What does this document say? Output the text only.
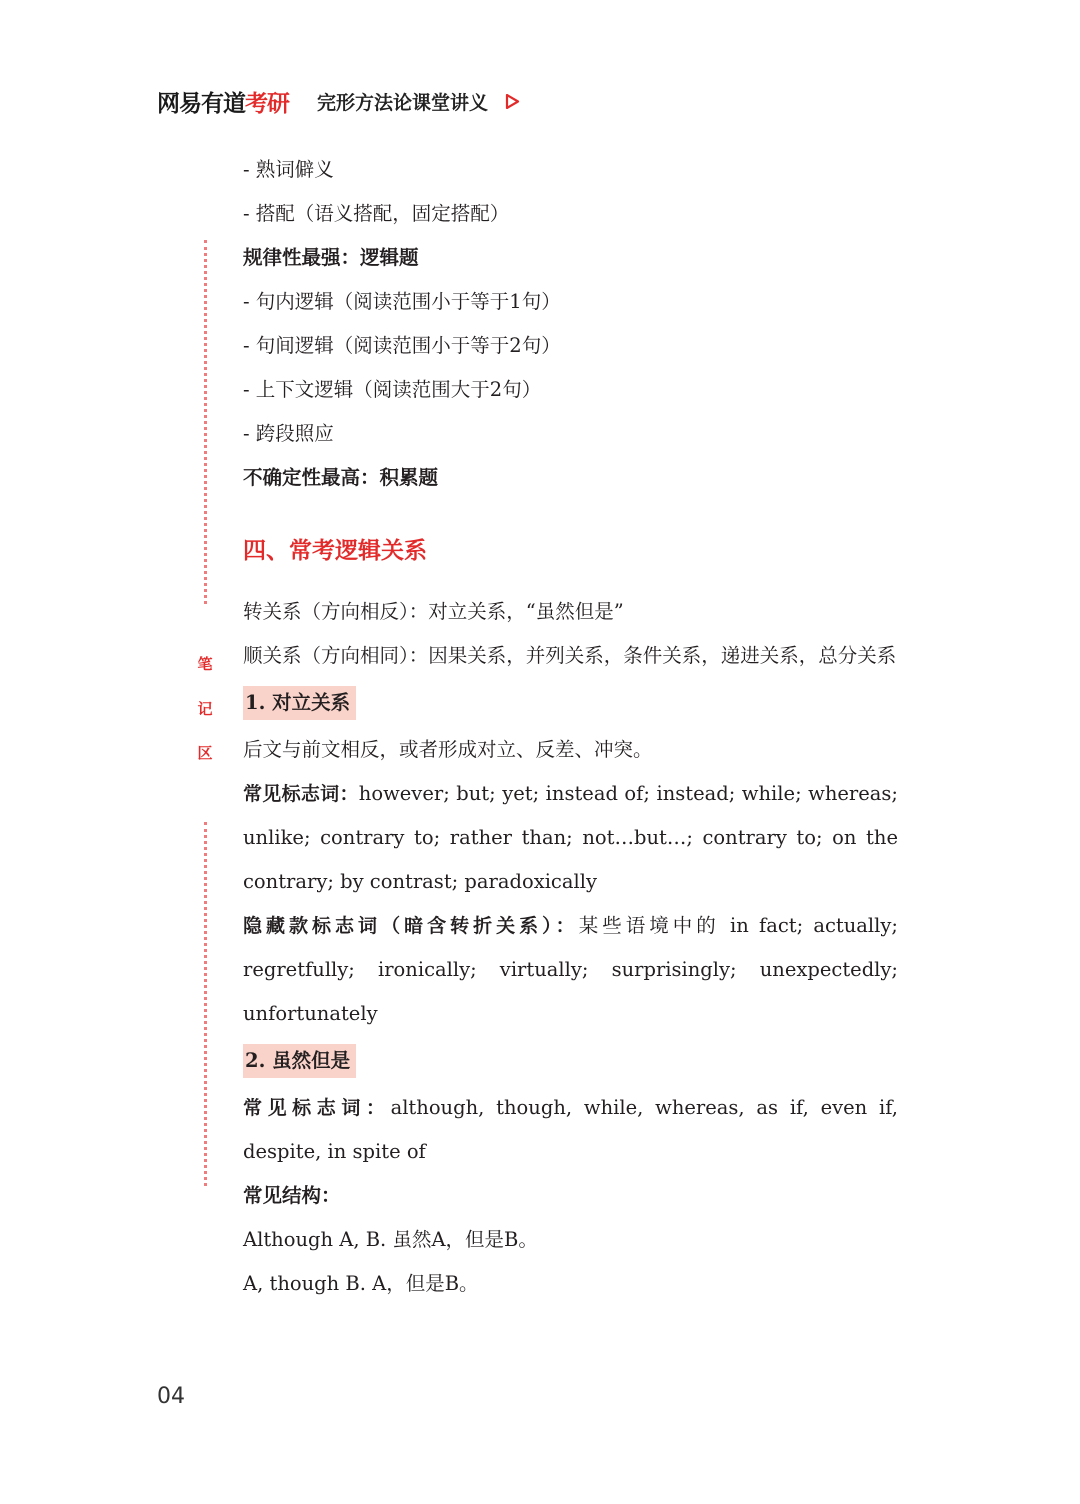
网易有道考研 完形方法论课堂讲义
笔
记
区
- 熟词僻义
- 搭配（语义搭配，固定搭配）
规律性最强：逻辑题
- 句内逻辑（阅读范围小于等于1句）
- 句间逻辑（阅读范围小于等于2句）
- 上下文逻辑（阅读范围大于2句）
- 跨段照应
不确定性最高：积累题
四、常考逻辑关系
转关系（方向相反）：对立关系，“虽然但是”
顺关系（方向相同）：因果关系，并列关系，条件关系，递进关系，总分关系
1. 对立关系
后文与前文相反，或者形成对立、反差、冲突。
常见标志词：however; but; yet; instead of; instead; while; whereas; unlike; contrary to; rather than; not…but…; contrary to; on the contrary; by contrast; paradoxically
隐藏款标志词（暗含转折关系）：某些语境中的 in fact; actually; regretfully; ironically; virtually; surprisingly; unexpectedly; unfortunately
2. 虽然但是
常见标志词：although, though, while, whereas, as if, even if, despite, in spite of
常见结构：
Although A, B. 虽然A，但是B。
A, though B. A，但是B。
04
